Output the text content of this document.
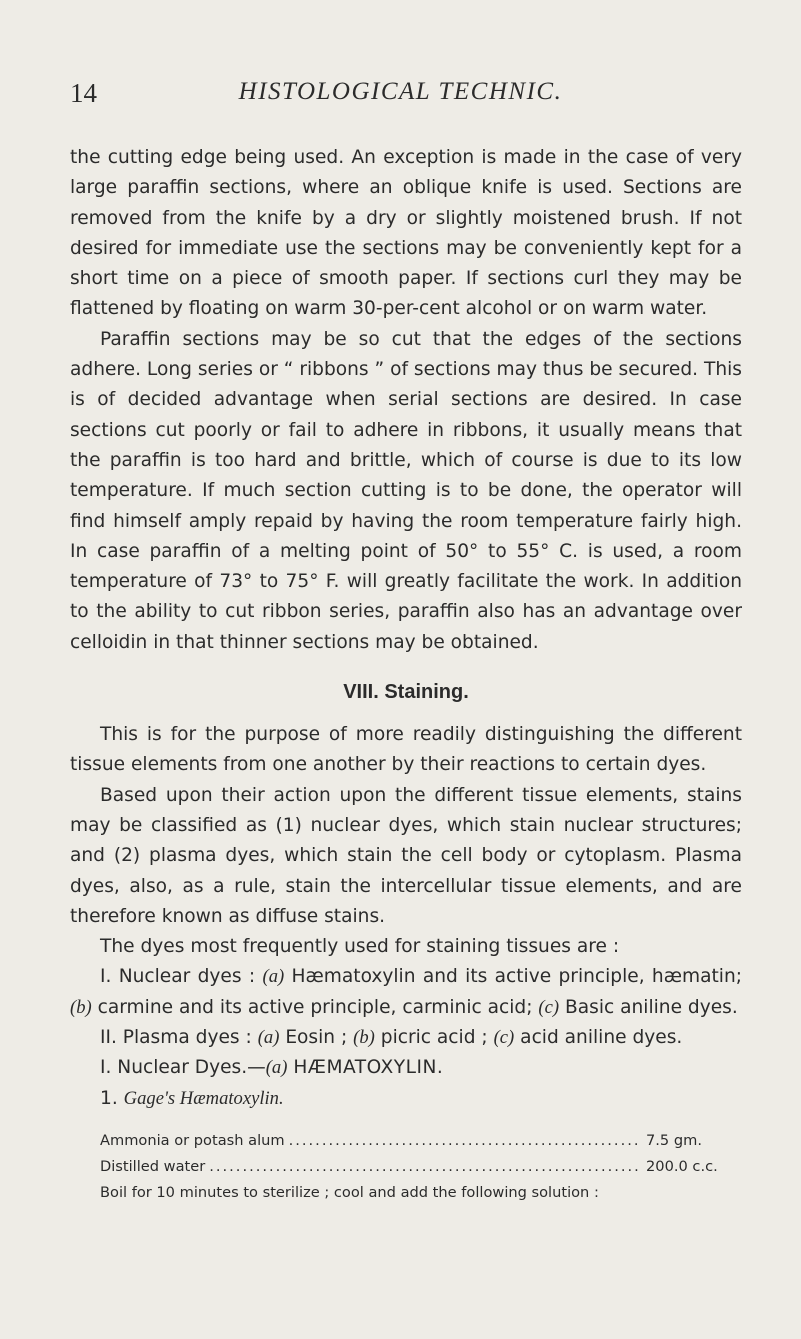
14	HISTOLOGICAL TECHNIC.

the cutting edge being used. An exception is made in the case of very large paraffin sections, where an oblique knife is used. Sections are removed from the knife by a dry or slightly moistened brush. If not desired for immediate use the sections may be conveniently kept for a short time on a piece of smooth paper. If sections curl they may be flattened by floating on warm 30-per-cent alcohol or on warm water.

Paraffin sections may be so cut that the edges of the sections adhere. Long series or “ ribbons ” of sections may thus be secured. This is of decided advantage when serial sections are desired. In case sections cut poorly or fail to adhere in ribbons, it usually means that the paraffin is too hard and brittle, which of course is due to its low temperature. If much section cutting is to be done, the operator will find himself amply repaid by having the room temperature fairly high. In case paraffin of a melting point of 50° to 55° C. is used, a room temperature of 73° to 75° F. will greatly facilitate the work. In addition to the ability to cut ribbon series, paraffin also has an advantage over celloidin in that thinner sections may be obtained.

VIII. Staining.

This is for the purpose of more readily distinguishing the different tissue elements from one another by their reactions to certain dyes.

Based upon their action upon the different tissue elements, stains may be classified as (1) nuclear dyes, which stain nuclear structures; and (2) plasma dyes, which stain the cell body or cytoplasm. Plasma dyes, also, as a rule, stain the intercellular tissue elements, and are therefore known as diffuse stains.

The dyes most frequently used for staining tissues are :

I. Nuclear dyes : (a) Hæmatoxylin and its active principle, hæmatin; (b) carmine and its active principle, carminic acid; (c) Basic aniline dyes.

II. Plasma dyes : (a) Eosin ; (b) picric acid ; (c) acid aniline dyes.

I. Nuclear Dyes.—(a) HÆMATOXYLIN.

1. Gage's Hæmatoxylin.

Ammonia or potash alum .....	7.5 gm.
Distilled water .....	200.0 c.c.
Boil for 10 minutes to sterilize ; cool and add the following solution :
